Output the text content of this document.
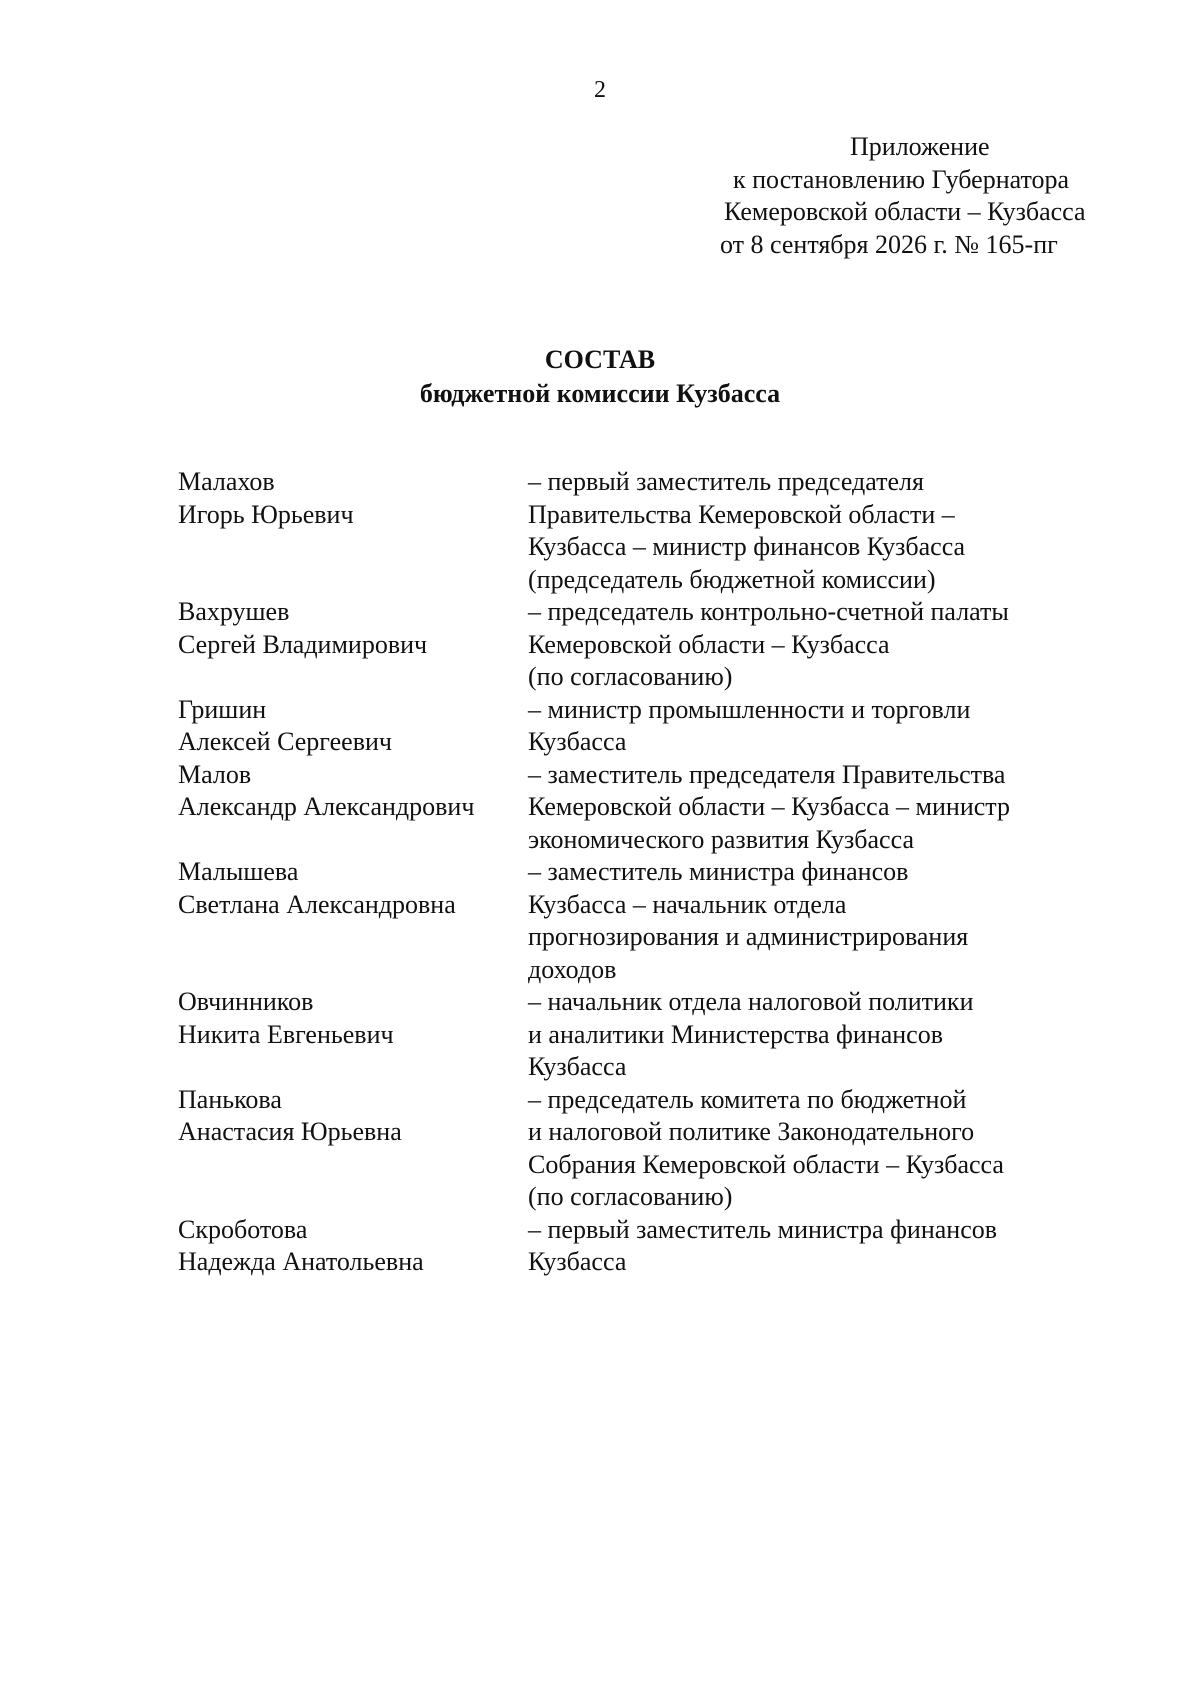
2
Приложение
к постановлению Губернатора
Кемеровской области – Кузбасса
от 8 сентября 2026 г. № 165-пг
СОСТАВ
бюджетной комиссии Кузбасса
Малахов
Игорь Юрьевич
– первый заместитель председателя
Правительства Кемеровской области –
Кузбасса – министр финансов Кузбасса
(председатель бюджетной комиссии)
Вахрушев
Сергей Владимирович
– председатель контрольно-счетной палаты
Кемеровской области – Кузбасса
(по согласованию)
Гришин
Алексей Сергеевич
– министр промышленности и торговли
Кузбасса
Малов
Александр Александрович
– заместитель председателя Правительства
Кемеровской области – Кузбасса – министр
экономического развития Кузбасса
Малышева
Светлана Александровна
– заместитель министра финансов
Кузбасса – начальник отдела
прогнозирования и администрирования
доходов
Овчинников
Никита Евгеньевич
– начальник отдела налоговой политики
и аналитики Министерства финансов
Кузбасса
Панькова
Анастасия Юрьевна
– председатель комитета по бюджетной
и налоговой политике Законодательного
Собрания Кемеровской области – Кузбасса
(по согласованию)
Скроботова
Надежда Анатольевна
– первый заместитель министра финансов
Кузбасса
